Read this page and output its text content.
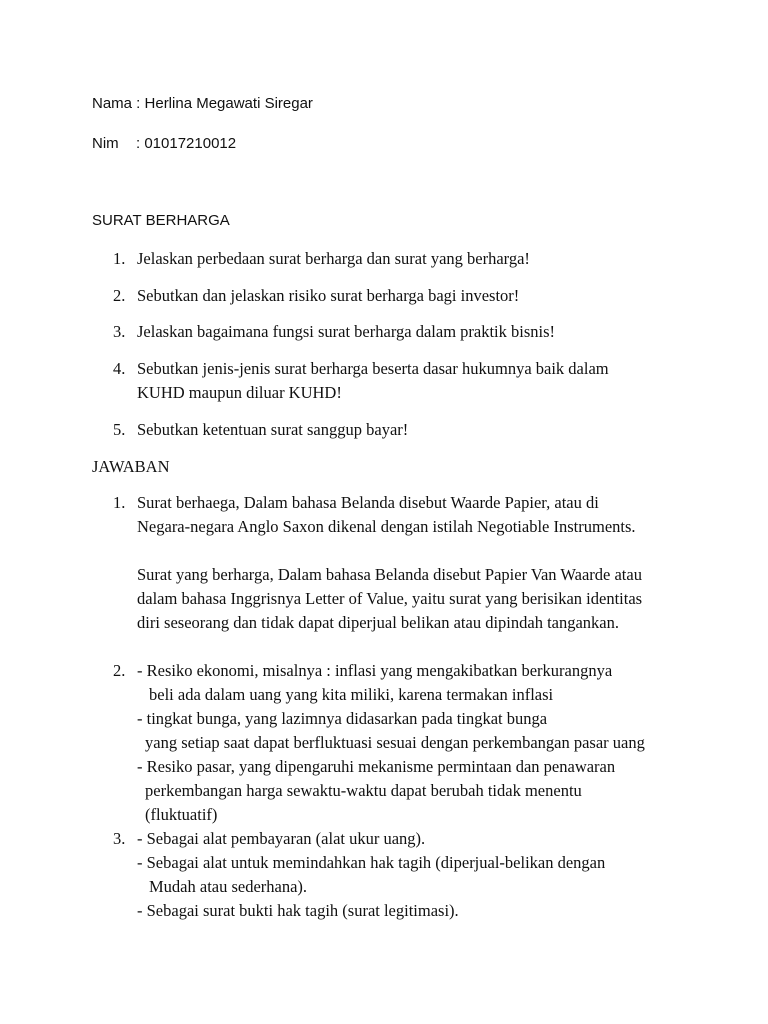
Nama : Herlina Megawati Siregar
Nim : 01017210012
SURAT BERHARGA
1. Jelaskan perbedaan surat berharga dan surat yang berharga!
2. Sebutkan dan jelaskan risiko surat berharga bagi investor!
3. Jelaskan bagaimana fungsi surat berharga dalam praktik bisnis!
4. Sebutkan jenis-jenis surat berharga beserta dasar hukumnya baik dalam
KUHD maupun diluar KUHD!
5. Sebutkan ketentuan surat sanggup bayar!
JAWABAN
1. Surat berhaega, Dalam bahasa Belanda disebut Waarde Papier, atau di
Negara-negara Anglo Saxon dikenal dengan istilah Negotiable Instruments.
Surat yang berharga, Dalam bahasa Belanda disebut Papier Van Waarde atau
dalam bahasa Inggrisnya Letter of Value, yaitu surat yang berisikan identitas
diri seseorang dan tidak dapat diperjual belikan atau dipindah tangankan.
2. - Resiko ekonomi, misalnya : inflasi yang mengakibatkan berkurangnya
beli ada dalam uang yang kita miliki, karena termakan inflasi
- tingkat bunga, yang lazimnya didasarkan pada tingkat bunga
yang setiap saat dapat berfluktuasi sesuai dengan perkembangan pasar uang
- Resiko pasar, yang dipengaruhi mekanisme permintaan dan penawaran
perkembangan harga sewaktu-waktu dapat berubah tidak menentu
(fluktuatif)
3. - Sebagai alat pembayaran (alat ukur uang).
- Sebagai alat untuk memindahkan hak tagih (diperjual-belikan dengan
Mudah atau sederhana).
- Sebagai surat bukti hak tagih (surat legitimasi).
